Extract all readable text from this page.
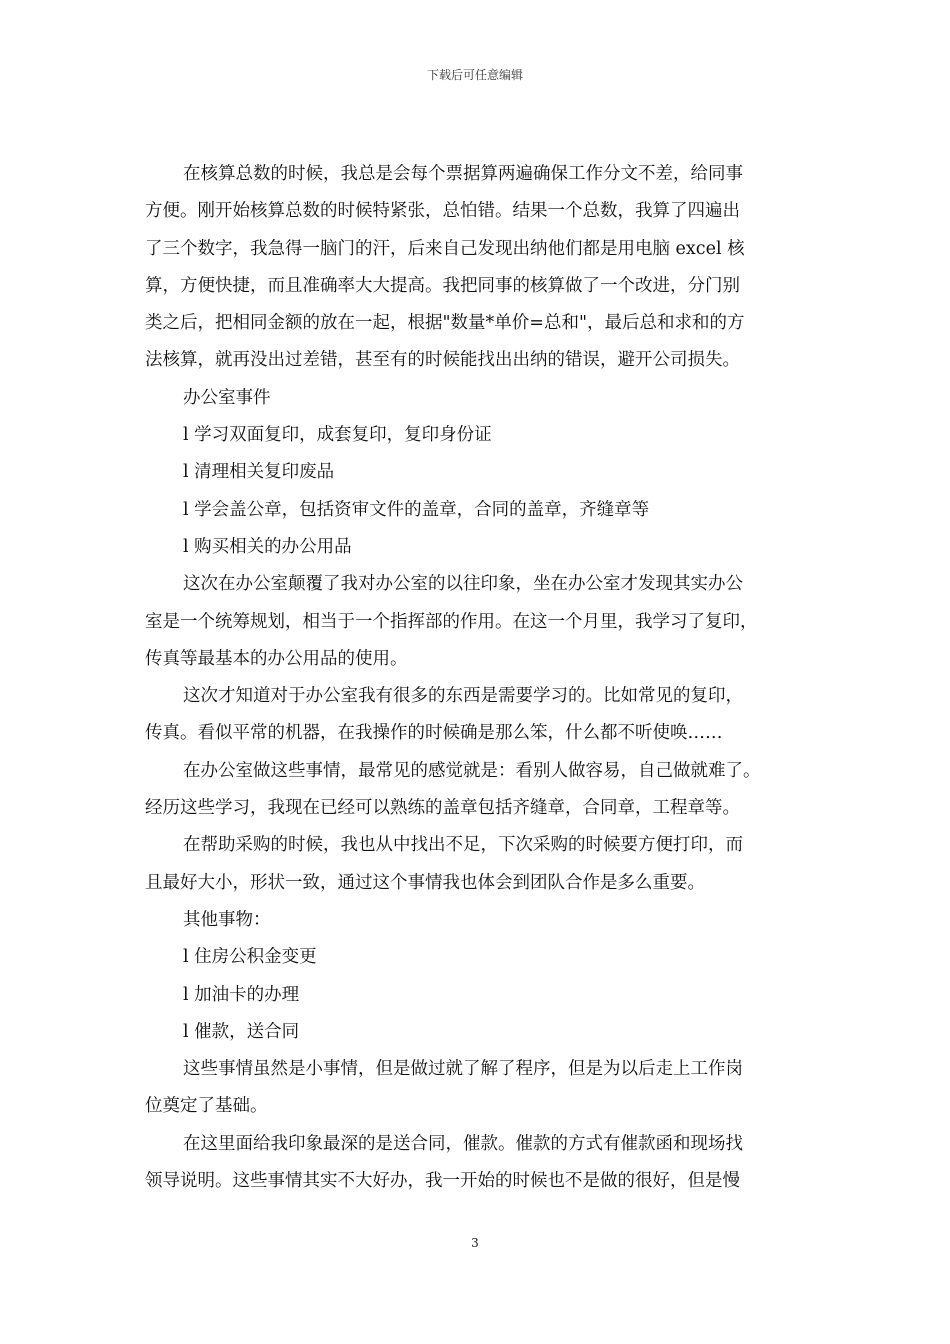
下载后可任意编辑
在核算总数的时候，我总是会每个票据算两遍确保工作分文不差，给同事
方便。刚开始核算总数的时候特紧张，总怕错。结果一个总数，我算了四遍出
了三个数字，我急得一脑门的汗，后来自己发现出纳他们都是用电脑 excel 核
算，方便快捷，而且准确率大大提高。我把同事的核算做了一个改进，分门别
类之后，把相同金额的放在一起，根据"数量*单价=总和"，最后总和求和的方
法核算，就再没出过差错，甚至有的时候能找出出纳的错误，避开公司损失。
办公室事件
l 学习双面复印，成套复印，复印身份证
l 清理相关复印废品
l 学会盖公章，包括资审文件的盖章，合同的盖章，齐缝章等
l 购买相关的办公用品
这次在办公室颠覆了我对办公室的以往印象，坐在办公室才发现其实办公
室是一个统筹规划，相当于一个指挥部的作用。在这一个月里，我学习了复印，
传真等最基本的办公用品的使用。
这次才知道对于办公室我有很多的东西是需要学习的。比如常见的复印，
传真。看似平常的机器，在我操作的时候确是那么笨，什么都不听使唤……
在办公室做这些事情，最常见的感觉就是：看别人做容易，自己做就难了。
经历这些学习，我现在已经可以熟练的盖章包括齐缝章，合同章，工程章等。
在帮助采购的时候，我也从中找出不足，下次采购的时候要方便打印，而
且最好大小，形状一致，通过这个事情我也体会到团队合作是多么重要。
其他事物：
l 住房公积金变更
l 加油卡的办理
l 催款，送合同
这些事情虽然是小事情，但是做过就了解了程序，但是为以后走上工作岗
位奠定了基础。
在这里面给我印象最深的是送合同，催款。催款的方式有催款函和现场找
领导说明。这些事情其实不大好办，我一开始的时候也不是做的很好，但是慢
3
